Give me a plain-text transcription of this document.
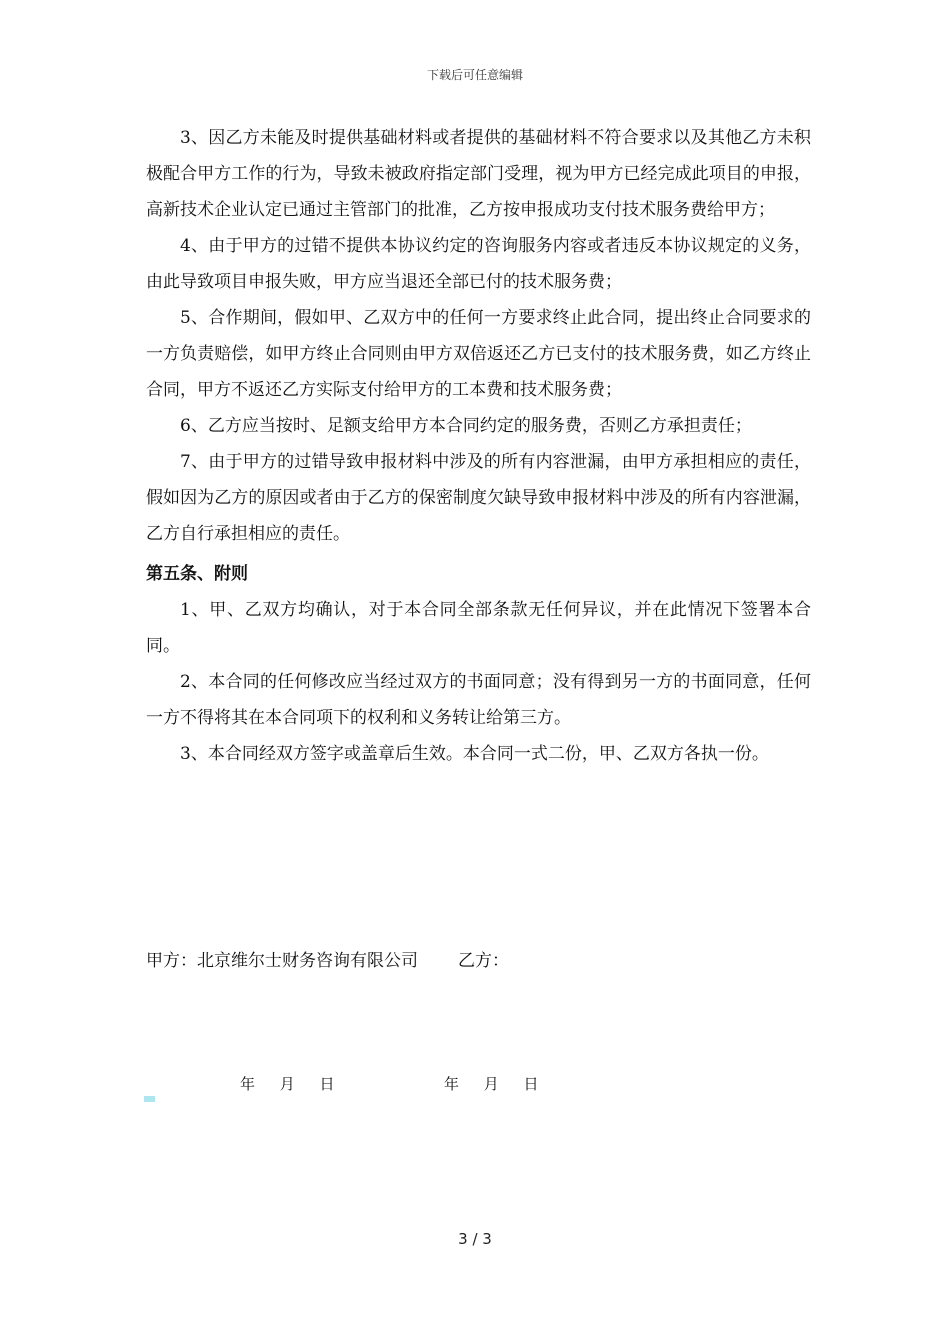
下载后可任意编辑

3、因乙方未能及时提供基础材料或者提供的基础材料不符合要求以及其他乙方未积极配合甲方工作的行为，导致未被政府指定部门受理，视为甲方已经完成此项目的申报，高新技术企业认定已通过主管部门的批准，乙方按申报成功支付技术服务费给甲方；

4、由于甲方的过错不提供本协议约定的咨询服务内容或者违反本协议规定的义务，由此导致项目申报失败，甲方应当退还全部已付的技术服务费；

5、合作期间，假如甲、乙双方中的任何一方要求终止此合同，提出终止合同要求的一方负责赔偿，如甲方终止合同则由甲方双倍返还乙方已支付的技术服务费，如乙方终止合同，甲方不返还乙方实际支付给甲方的工本费和技术服务费；

6、乙方应当按时、足额支给甲方本合同约定的服务费，否则乙方承担责任；

7、由于甲方的过错导致申报材料中涉及的所有内容泄漏，由甲方承担相应的责任，假如因为乙方的原因或者由于乙方的保密制度欠缺导致申报材料中涉及的所有内容泄漏，乙方自行承担相应的责任。

第五条、附则

1、甲、乙双方均确认，对于本合同全部条款无任何异议，并在此情况下签署本合同。

2、本合同的任何修改应当经过双方的书面同意；没有得到另一方的书面同意，任何一方不得将其在本合同项下的权利和义务转让给第三方。

3、本合同经双方签字或盖章后生效。本合同一式二份，甲、乙双方各执一份。

甲方：北京维尔士财务咨询有限公司 乙方：
年 月 日	年 月 日
3 / 3
